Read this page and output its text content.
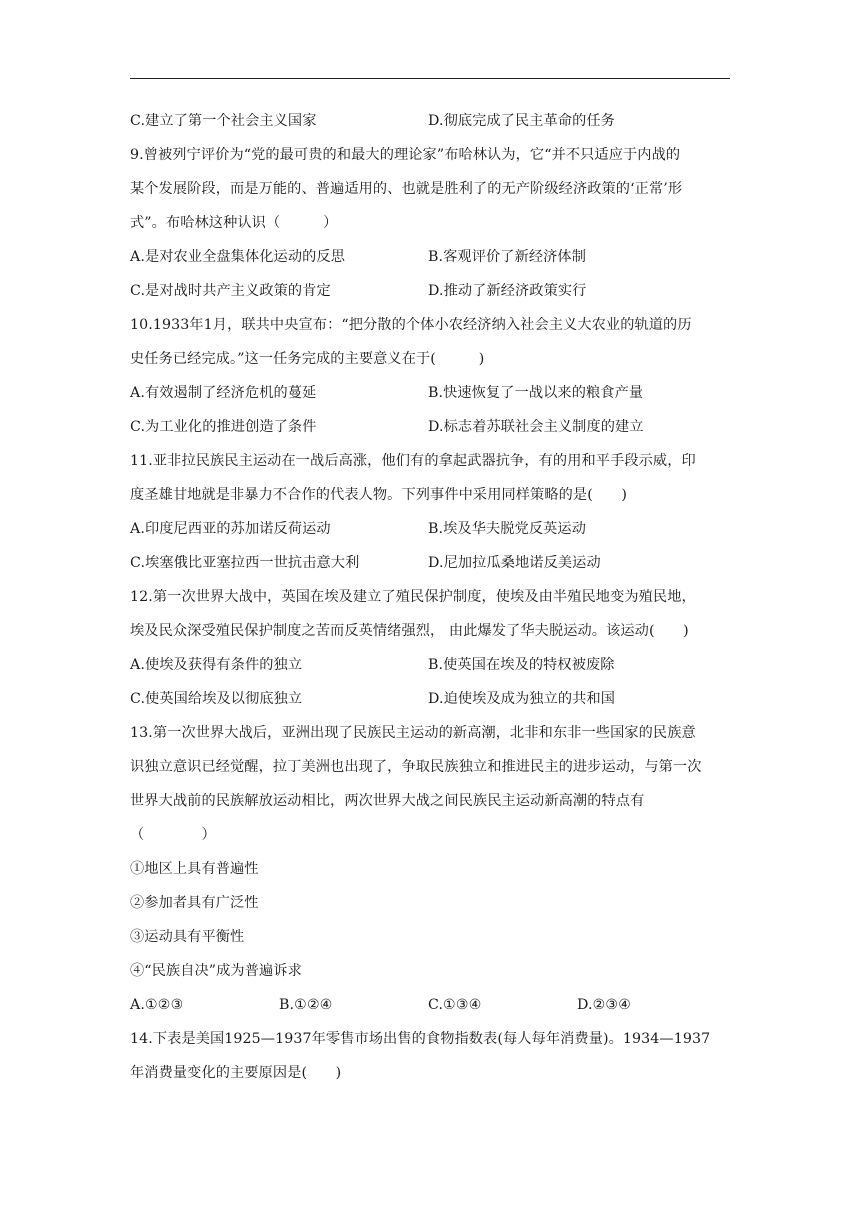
C.建立了第一个社会主义国家	D.彻底完成了民主革命的任务
9.曾被列宁评价为“党的最可贵的和最大的理论家”布哈林认为，它“并不只适应于内战的
某个发展阶段，而是万能的、普遍适用的、也就是胜利了的无产阶级经济政策的‘正常’形
式”。布哈林这种认识（　　　）
A.是对农业全盘集体化运动的反思	B.客观评价了新经济体制
C.是对战时共产主义政策的肯定	D.推动了新经济政策实行
10.1933年1月，联共中央宣布：“把分散的个体小农经济纳入社会主义大农业的轨道的历
史任务已经完成。”这一任务完成的主要意义在于(　　　)
A.有效遏制了经济危机的蔓延	B.快速恢复了一战以来的粮食产量
C.为工业化的推进创造了条件	D.标志着苏联社会主义制度的建立
11.亚非拉民族民主运动在一战后高涨，他们有的拿起武器抗争，有的用和平手段示威，印
度圣雄甘地就是非暴力不合作的代表人物。下列事件中采用同样策略的是(　　)
A.印度尼西亚的苏加诺反荷运动	B.埃及华夫脱党反英运动
C.埃塞俄比亚塞拉西一世抗击意大利	D.尼加拉瓜桑地诺反美运动
12.第一次世界大战中，英国在埃及建立了殖民保护制度，使埃及由半殖民地变为殖民地，
埃及民众深受殖民保护制度之苦而反英情绪强烈， 由此爆发了华夫脱运动。该运动(　　)
A.使埃及获得有条件的独立	B.使英国在埃及的特权被废除
C.使英国给埃及以彻底独立	D.迫使埃及成为独立的共和国
13.第一次世界大战后，亚洲出现了民族民主运动的新高潮，北非和东非一些国家的民族意
识独立意识已经觉醒，拉丁美洲也出现了，争取民族独立和推进民主的进步运动，与第一次
世界大战前的民族解放运动相比，两次世界大战之间民族民主运动新高潮的特点有
（　　　　）
①地区上具有普遍性
②参加者具有广泛性
③运动具有平衡性
④“民族自决”成为普遍诉求
A.①②③	B.①②④	C.①③④	D.②③④
14.下表是美国1925—1937年零售市场出售的食物指数表(每人每年消费量)。1934—1937
年消费量变化的主要原因是(　　)
